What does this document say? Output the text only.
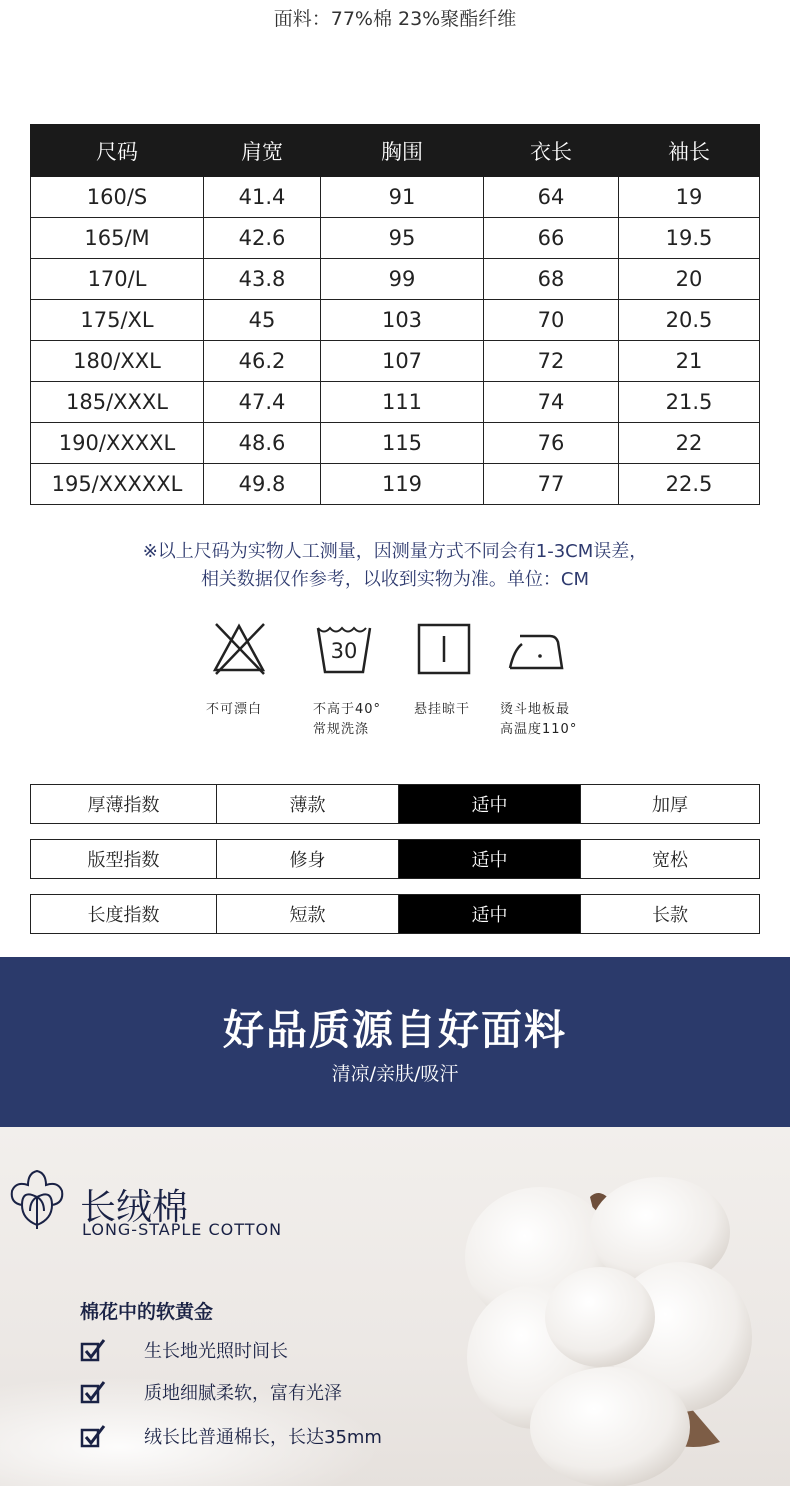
面料：77%棉 23%聚酯纤维
尺码	肩宽	胸围	衣长	袖长
160/S	41.4	91	64	19
165/M	42.6	95	66	19.5
170/L	43.8	99	68	20
175/XL	45	103	70	20.5
180/XXL	46.2	107	72	21
185/XXXL	47.4	111	74	21.5
190/XXXXL	48.6	115	76	22
195/XXXXXL	49.8	119	77	22.5
※以上尺码为实物人工测量，因测量方式不同会有1-3CM误差，
相关数据仅作参考，以收到实物为准。单位：CM
不可漂白
30
不高于40°
常规洗涤
悬挂晾干 烫斗地板最
高温度110°
厚薄指数	薄款	适中	加厚
版型指数	修身	适中	宽松
长度指数	短款	适中	长款
好品质源自好面料
清凉/亲肤/吸汗
长绒棉
LONG-STAPLE COTTON
棉花中的软黄金
生长地光照时间长
质地细腻柔软，富有光泽
绒长比普通棉长，长达35mm
